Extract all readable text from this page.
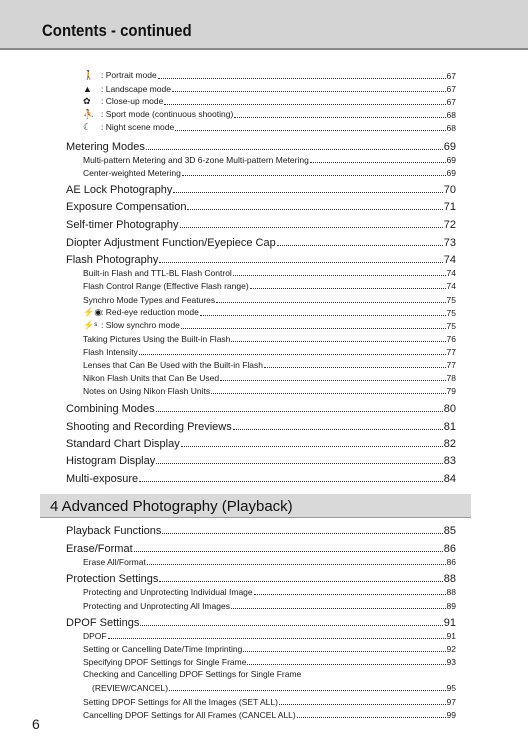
Contents - continued
🚶 : Portrait mode	67
▲ : Landscape mode	67
✿ : Close-up mode	67
⛹ : Sport mode (continuous shooting)	68
☾ : Night scene mode	68
Metering Modes	69
Multi-pattern Metering and 3D 6-zone Multi-pattern Metering	69
Center-weighted Metering	69
AE Lock Photography	70
Exposure Compensation	71
Self-timer Photography	72
Diopter Adjustment Function/Eyepiece Cap	73
Flash Photography	74
Built-in Flash and TTL-BL Flash Control	74
Flash Control Range (Effective Flash range)	74
Synchro Mode Types and Features	75
⚡◉: Red-eye reduction mode	75
⚡ˢ : Slow synchro mode	75
Taking Pictures Using the Built-in Flash	76
Flash Intensity	77
Lenses that Can Be Used with the Built-in Flash	77
Nikon Flash Units that Can Be Used	78
Notes on Using Nikon Flash Units	79
Combining Modes	80
Shooting and Recording Previews	81
Standard Chart Display	82
Histogram Display	83
Multi-exposure	84
4 Advanced Photography (Playback)
Playback Functions	85
Erase/Format	86
Erase All/Format	86
Protection Settings	88
Protecting and Unprotecting Individual Image	88
Protecting and Unprotecting All Images	89
DPOF Settings	91
DPOF	91
Setting or Cancelling Date/Time Imprinting	92
Specifying DPOF Settings for Single Frame	93
Checking and Cancelling DPOF Settings for Single Frame
(REVIEW/CANCEL)	95
Setting DPOF Settings for All the Images (SET ALL)	97
Cancelling DPOF Settings for All Frames (CANCEL ALL)	99
6
